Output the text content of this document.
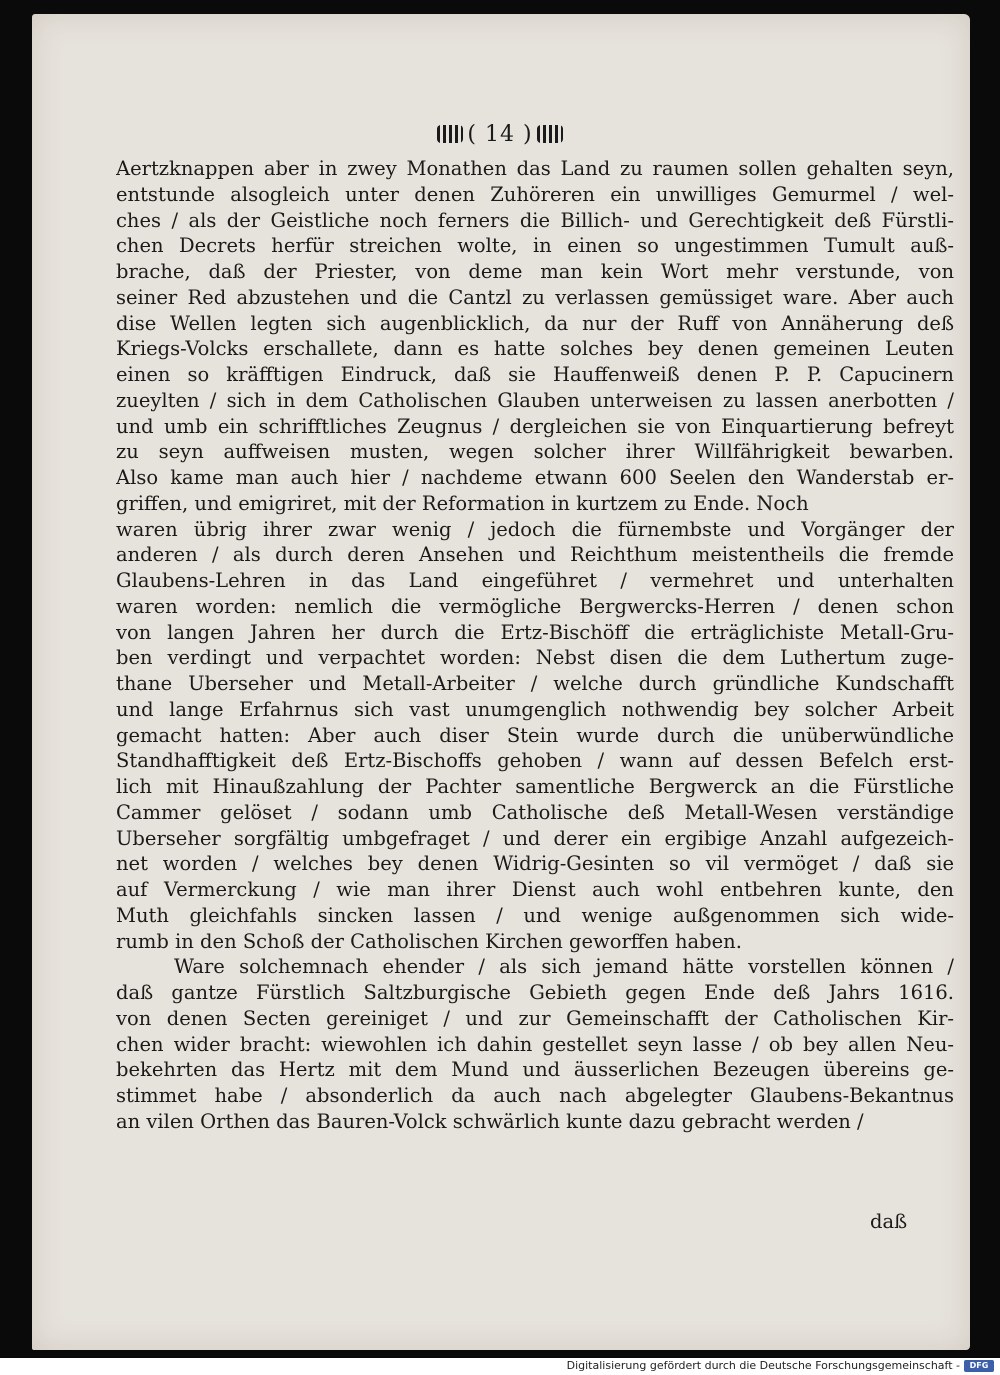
( 14 )
Aertzknappen aber in zwey Monathen das Land zu raumen sollen gehalten seyn,
entstunde alsogleich unter denen Zuhöreren ein unwilliges Gemurmel / wel-
ches / als der Geistliche noch ferners die Billich- und Gerechtigkeit deß Fürstli-
chen Decrets herfür streichen wolte, in einen so ungestimmen Tumult auß-
brache, daß der Priester, von deme man kein Wort mehr verstunde, von
seiner Red abzustehen und die Cantzl zu verlassen gemüssiget ware. Aber auch
dise Wellen legten sich augenblicklich, da nur der Ruff von Annäherung deß
Kriegs-Volcks erschallete, dann es hatte solches bey denen gemeinen Leuten
einen so kräfftigen Eindruck, daß sie Hauffenweiß denen P. P. Capucinern
zueylten / sich in dem Catholischen Glauben unterweisen zu lassen anerbotten /
und umb ein schrifftliches Zeugnus / dergleichen sie von Einquartierung befreyt
zu seyn auffweisen musten, wegen solcher ihrer Willfährigkeit bewarben.
Also kame man auch hier / nachdeme etwann 600 Seelen den Wanderstab er-
griffen, und emigriret, mit der Reformation in kurtzem zu Ende. Noch
waren übrig ihrer zwar wenig / jedoch die fürnembste und Vorgänger der
anderen / als durch deren Ansehen und Reichthum meistentheils die fremde
Glaubens-Lehren in das Land eingeführet / vermehret und unterhalten
waren worden: nemlich die vermögliche Bergwercks-Herren / denen schon
von langen Jahren her durch die Ertz-Bischöff die erträglichiste Metall-Gru-
ben verdingt und verpachtet worden: Nebst disen die dem Luthertum zuge-
thane Uberseher und Metall-Arbeiter / welche durch gründliche Kundschafft
und lange Erfahrnus sich vast unumgenglich nothwendig bey solcher Arbeit
gemacht hatten: Aber auch diser Stein wurde durch die unüberwündliche
Standhafftigkeit deß Ertz-Bischoffs gehoben / wann auf dessen Befelch erst-
lich mit Hinaußzahlung der Pachter samentliche Bergwerck an die Fürstliche
Cammer gelöset / sodann umb Catholische deß Metall-Wesen verständige
Uberseher sorgfältig umbgefraget / und derer ein ergibige Anzahl aufgezeich-
net worden / welches bey denen Widrig-Gesinten so vil vermöget / daß sie
auf Vermerckung / wie man ihrer Dienst auch wohl entbehren kunte, den
Muth gleichfahls sincken lassen / und wenige außgenommen sich wide-
rumb in den Schoß der Catholischen Kirchen geworffen haben.
Ware solchemnach ehender / als sich jemand hätte vorstellen können /
daß gantze Fürstlich Saltzburgische Gebieth gegen Ende deß Jahrs 1616.
von denen Secten gereiniget / und zur Gemeinschafft der Catholischen Kir-
chen wider bracht: wiewohlen ich dahin gestellet seyn lasse / ob bey allen Neu-
bekehrten das Hertz mit dem Mund und äusserlichen Bezeugen übereins ge-
stimmet habe / absonderlich da auch nach abgelegter Glaubens-Bekantnus
an vilen Orthen das Bauren-Volck schwärlich kunte dazu gebracht werden /
daß
Digitalisierung gefördert durch die Deutsche Forschungsgemeinschaft -	DFG
